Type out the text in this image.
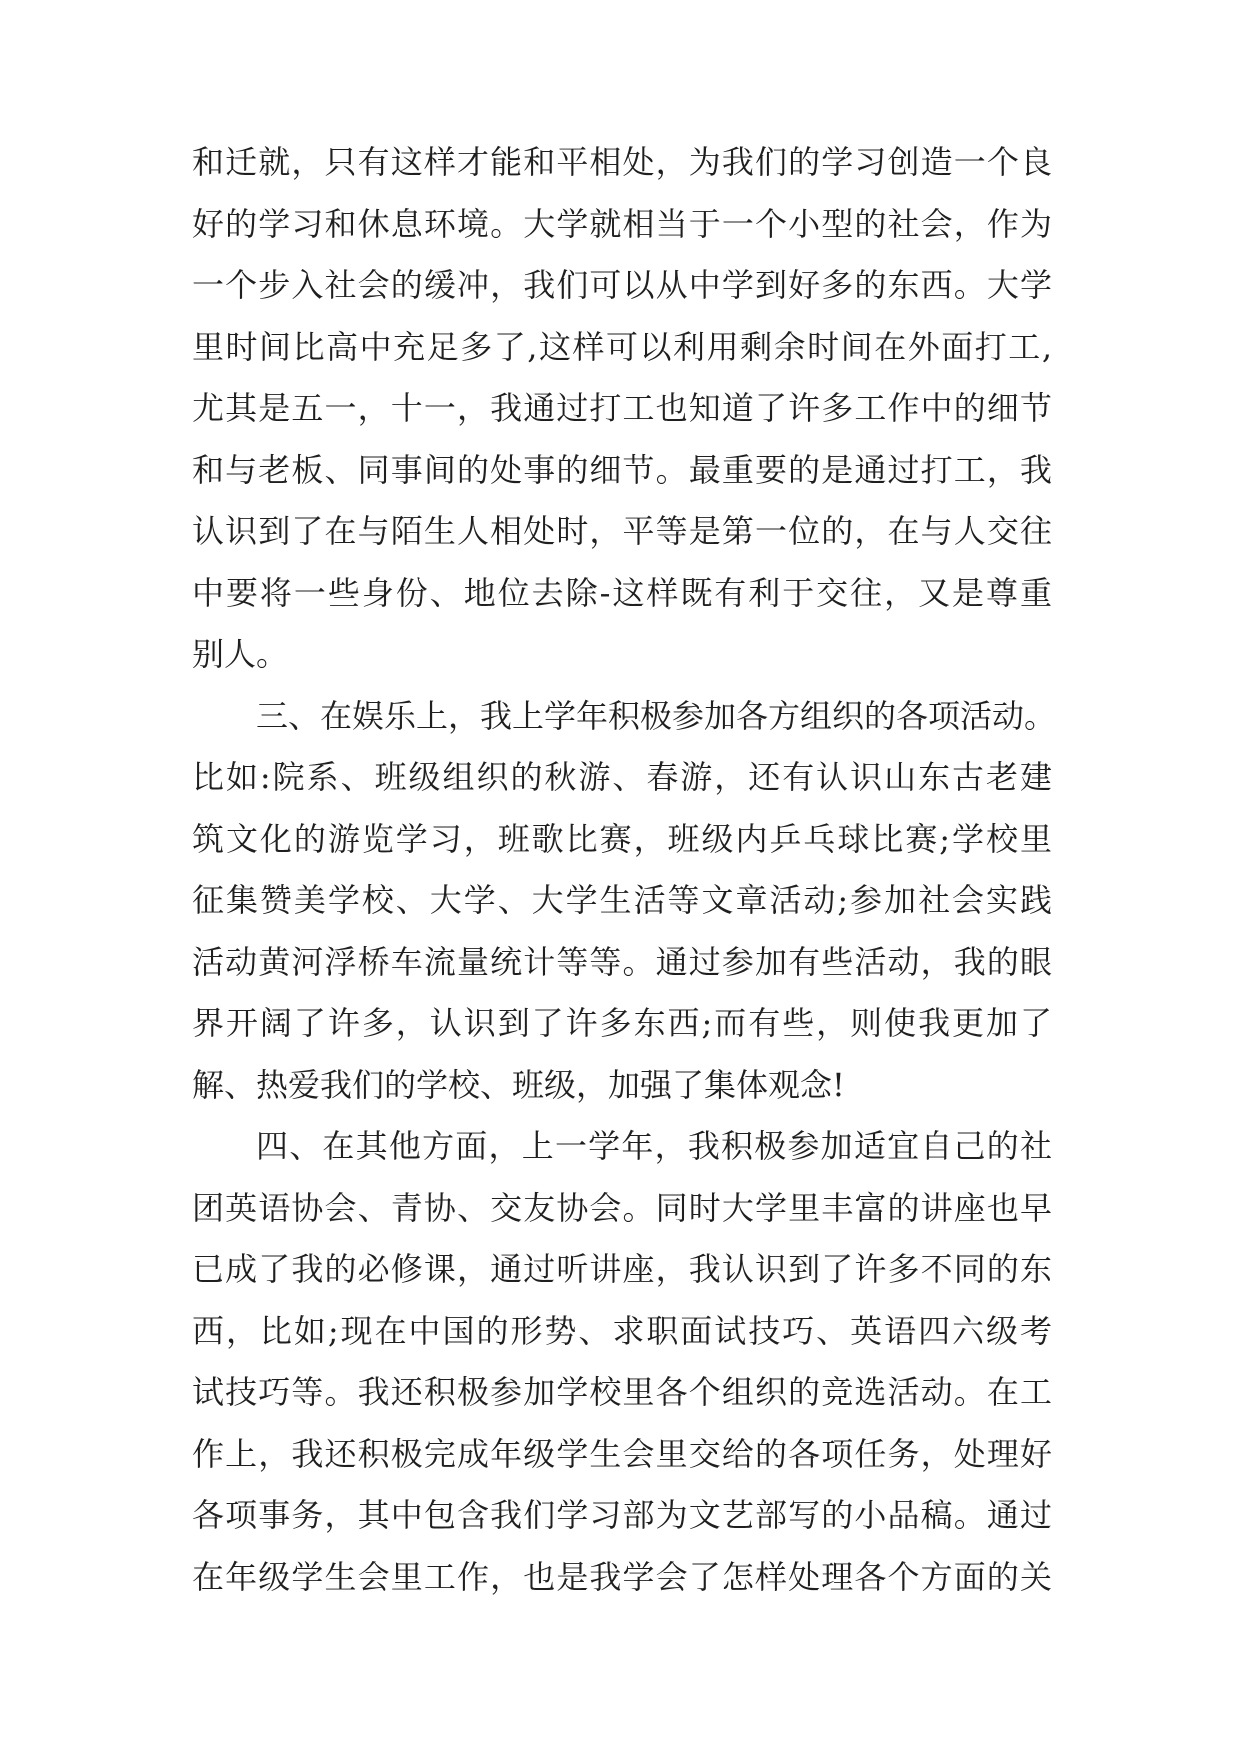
和迁就，只有这样才能和平相处，为我们的学习创造一个良
好的学习和休息环境。大学就相当于一个小型的社会，作为
一个步入社会的缓冲，我们可以从中学到好多的东西。大学
里时间比高中充足多了,这样可以利用剩余时间在外面打工,
尤其是五一，十一，我通过打工也知道了许多工作中的细节
和与老板、同事间的处事的细节。最重要的是通过打工，我
认识到了在与陌生人相处时，平等是第一位的，在与人交往
中要将一些身份、地位去除-这样既有利于交往，又是尊重
别人。
三、在娱乐上，我上学年积极参加各方组织的各项活动。
比如:院系、班级组织的秋游、春游，还有认识山东古老建
筑文化的游览学习，班歌比赛，班级内乒乓球比赛;学校里
征集赞美学校、大学、大学生活等文章活动;参加社会实践
活动黄河浮桥车流量统计等等。通过参加有些活动，我的眼
界开阔了许多，认识到了许多东西;而有些，则使我更加了
解、热爱我们的学校、班级，加强了集体观念!
四、在其他方面，上一学年，我积极参加适宜自己的社
团英语协会、青协、交友协会。同时大学里丰富的讲座也早
已成了我的必修课，通过听讲座，我认识到了许多不同的东
西，比如;现在中国的形势、求职面试技巧、英语四六级考
试技巧等。我还积极参加学校里各个组织的竞选活动。在工
作上，我还积极完成年级学生会里交给的各项任务，处理好
各项事务，其中包含我们学习部为文艺部写的小品稿。通过
在年级学生会里工作，也是我学会了怎样处理各个方面的关
